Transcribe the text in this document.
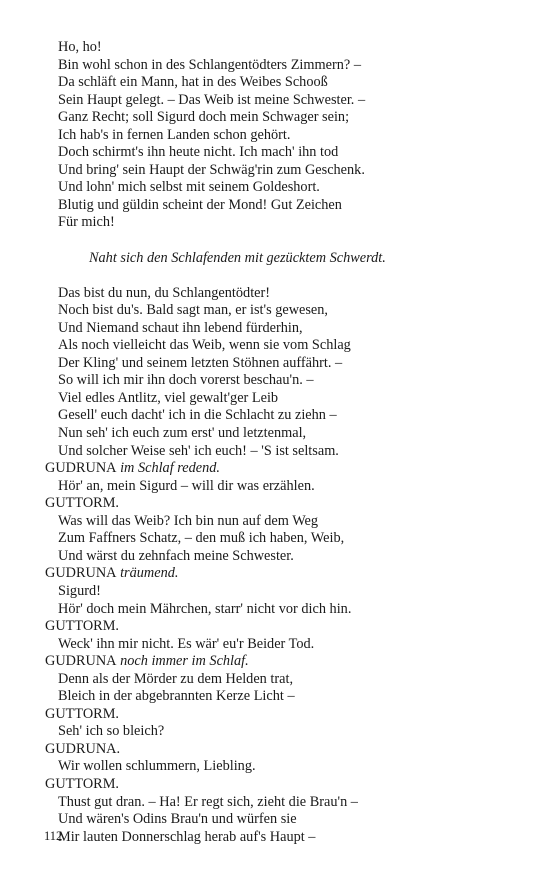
Ho, ho!
Bin wohl schon in des Schlangentödters Zimmern? –
Da schläft ein Mann, hat in des Weibes Schooß
Sein Haupt gelegt. – Das Weib ist meine Schwester. –
Ganz Recht; soll Sigurd doch mein Schwager sein;
Ich hab's in fernen Landen schon gehört.
Doch schirmt's ihn heute nicht. Ich mach' ihn tod
Und bring' sein Haupt der Schwäg'rin zum Geschenk.
Und lohn' mich selbst mit seinem Goldeshort.
Blutig und güldin scheint der Mond! Gut Zeichen
Für mich!
Naht sich den Schlafenden mit gezücktem Schwerdt.
Das bist du nun, du Schlangentödter!
Noch bist du's. Bald sagt man, er ist's gewesen,
Und Niemand schaut ihn lebend fürderhin,
Als noch vielleicht das Weib, wenn sie vom Schlag
Der Kling' und seinem letzten Stöhnen auffährt. –
So will ich mir ihn doch vorerst beschau'n. –
Viel edles Antlitz, viel gewalt'ger Leib
Gesell' euch dacht' ich in die Schlacht zu ziehn –
Nun seh' ich euch zum erst' und letztenmal,
Und solcher Weise seh' ich euch! – 'S ist seltsam.
GUDRUNA im Schlaf redend.
Hör' an, mein Sigurd – will dir was erzählen.
GUTTORM.
Was will das Weib? Ich bin nun auf dem Weg
Zum Faffners Schatz, – den muß ich haben, Weib,
Und wärst du zehnfach meine Schwester.
GUDRUNA träumend.
Sigurd!
Hör' doch mein Mährchen, starr' nicht vor dich hin.
GUTTORM.
Weck' ihn mir nicht. Es wär' eu'r Beider Tod.
GUDRUNA noch immer im Schlaf.
Denn als der Mörder zu dem Helden trat,
Bleich in der abgebrannten Kerze Licht –
GUTTORM.
Seh' ich so bleich?
GUDRUNA.
Wir wollen schlummern, Liebling.
GUTTORM.
Thust gut dran. – Ha! Er regt sich, zieht die Brau'n –
Und wären's Odins Brau'n und würfen sie
Mir lauten Donnerschlag herab auf's Haupt –
112
